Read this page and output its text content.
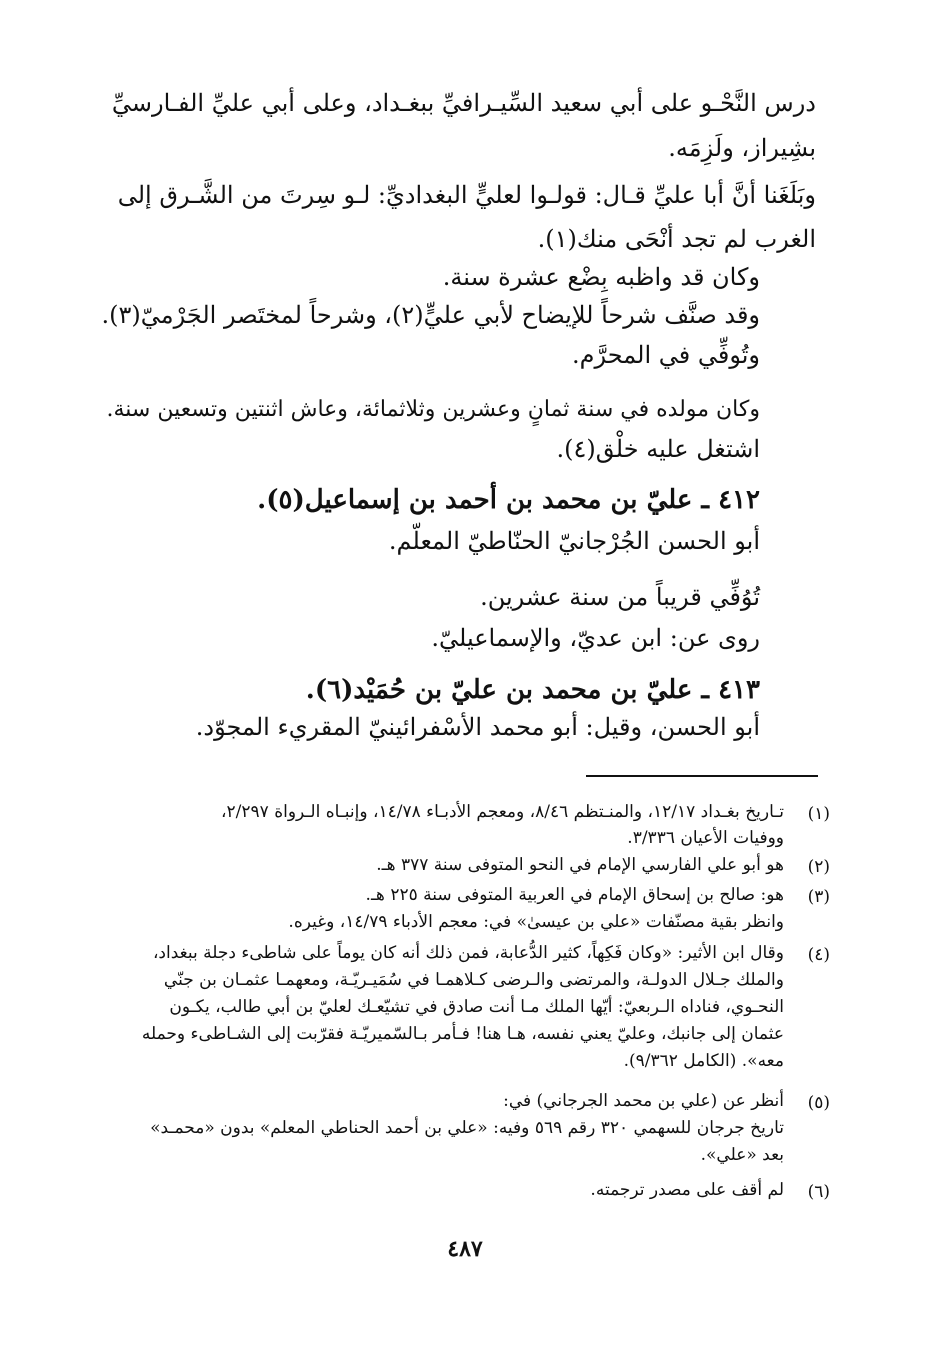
درس النَّحْـو على أبي سعيد السِّيـرافيِّ ببغـداد، وعلى أبي عليِّ الفـارسيِّ
بشِيراز، ولَزِمَه.
وبَلَغَنا أنَّ أبا عليِّ قـال: قولـوا لعليٍّ البغداديِّ: لـو سِرتَ من الشَّـرق إلى
الغرب لم تجد أنْحَى منك(١).
وكان قد واظبه بِضْع عشرة سنة.
وقد صنَّف شرحاً للإيضاح لأبي عليٍّ(٢)، وشرحاً لمختَصر الجَرْميّ(٣).
وتُوفِّي في المحرَّم.
وكان مولده في سنة ثمانٍ وعشرين وثلاثمائة، وعاش اثنتين وتسعين سنة.
اشتغل عليه خلْق(٤).
٤١٢ ـ عليّ بن محمد بن أحمد بن إسماعيل(٥).
أبو الحسن الجُرْجانيّ الحنّاطيّ المعلّم.
تُوُفِّي قريباً من سنة عشرين.
روى عن: ابن عديّ، والإسماعيليّ.
٤١٣ ـ عليّ بن محمد بن عليّ بن حُمَيْد(٦).
أبو الحسن، وقيل: أبو محمد الأسْفرائينيّ المقريء المجوّد.
(١)
تـاريخ بغـداد ١٢/١٧، والمنـتظم ٨/٤٦، ومعجم الأدبـاء ١٤/٧٨، وإنبـاه الـرواة ٢/٢٩٧،
ووفيات الأعيان ٣/٣٣٦.
(٢)
هو أبو علي الفارسي الإمام في النحو المتوفى سنة ٣٧٧ هـ.
(٣)
هو: صالح بن إسحاق الإمام في العربية المتوفى سنة ٢٢٥ هـ.
وانظر بقية مصنّفات «علي بن عيسىٰ» في: معجم الأدباء ١٤/٧٩، وغيره.
(٤)
وقال ابن الأثير: «وكان فَكِهاً، كثير الدُّعابة، فمن ذلك أنه كان يوماً على شاطىء دجلة ببغداد،
والملك جـلال الدولـة، والمرتضى والـرضى كـلاهمـا في سُمَيـريّـة، ومعهمـا عثمـان بن جنّي
النحـوي، فناداه الـربعيّ: أيّها الملك مـا أنت صادق في تشيّعـك لعليّ بن أبي طالب، يكـون
عثمان إلى جانبك، وعليّ يعني نفسه، هـا هنا! فـأمر بـالسّميريّـة فقرّبت إلى الشـاطىء وحمله
معه». (الكامل ٩/٣٦٢).
(٥)
أنظر عن (علي بن محمد الجرجاني) في:
تاريخ جرجان للسهمي ٣٢٠ رقم ٥٦٩ وفيه: «علي بن أحمد الحناطي المعلم» بدون «محمـد»
بعد «علي».
(٦)
لم أقف على مصدر ترجمته.
٤٨٧
